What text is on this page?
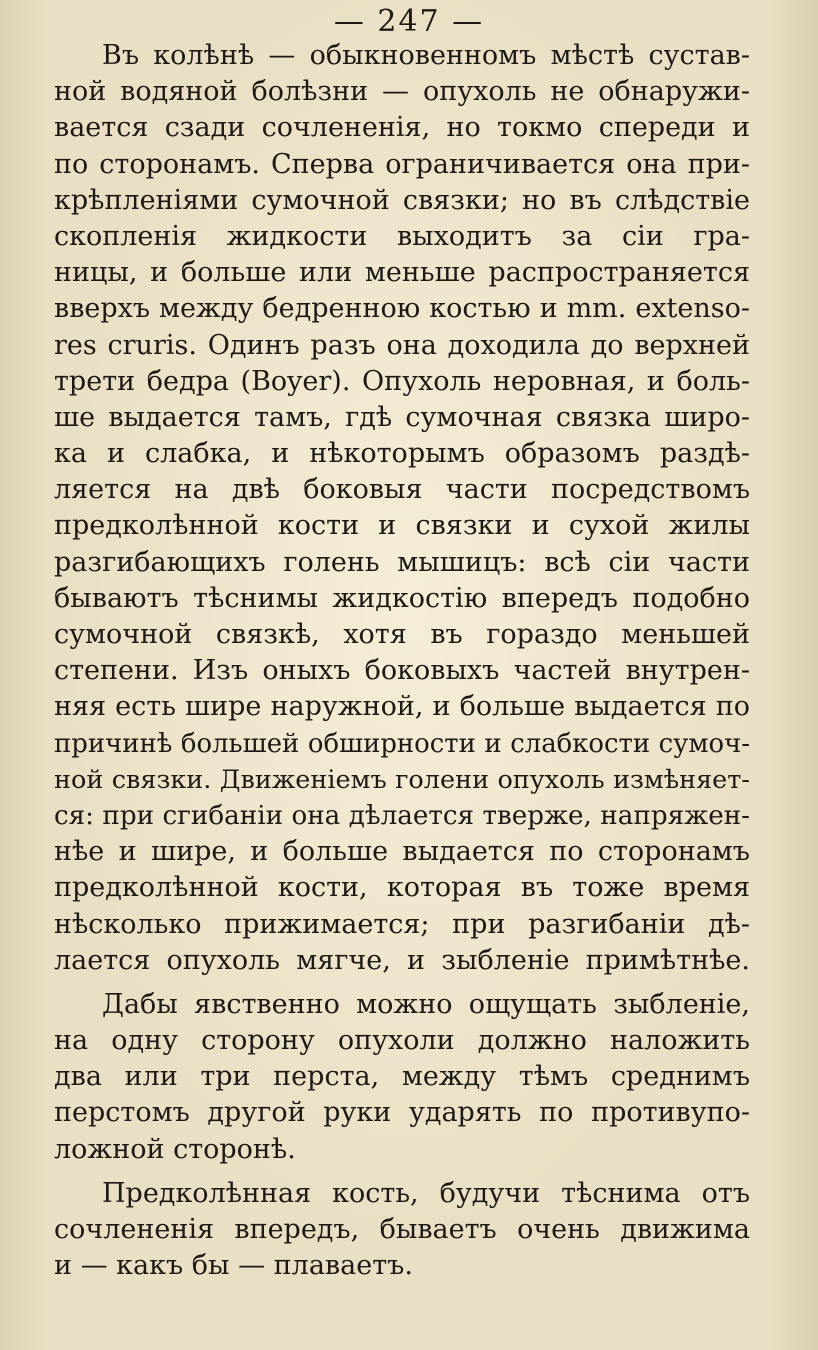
— 247 —
Въ колѣнѣ — обыкновенномъ мѣстѣ сустав-
ной водяной болѣзни — опухоль не обнаружи-
вается сзади сочлененія, но токмо спереди и
по сторонамъ. Сперва ограничивается она при-
крѣпленіями сумочной связки; но въ слѣдствіе
скопленія жидкости выходитъ за сіи гра-
ницы, и больше или меньше распространяется
вверхъ между бедренною костью и mm. extenso-
res cruris. Одинъ разъ она доходила до верхней
трети бедра (Boyer). Опухоль неровная, и боль-
ше выдается тамъ, гдѣ сумочная связка широ-
ка и слабка, и нѣкоторымъ образомъ раздѣ-
ляется на двѣ боковыя части посредствомъ
предколѣнной кости и связки и сухой жилы
разгибающихъ голень мышицъ: всѣ сіи части
бываютъ тѣснимы жидкостію впередъ подобно
сумочной связкѣ, хотя въ гораздо меньшей
степени. Изъ оныхъ боковыхъ частей внутрен-
няя есть шире наружной, и больше выдается по
причинѣ большей обширности и слабкости сумоч-
ной связки. Движеніемъ голени опухоль измѣняет-
ся: при сгибаніи она дѣлается тверже, напряжен-
нѣе и шире, и больше выдается по сторонамъ
предколѣнной кости, которая въ тоже время
нѣсколько прижимается; при разгибаніи дѣ-
лается опухоль мягче, и зыбленіе примѣтнѣе.
Дабы явственно можно ощущать зыбленіе,
на одну сторону опухоли должно наложить
два или три перста, между тѣмъ среднимъ
перстомъ другой руки ударять по противупо-
ложной сторонѣ.
Предколѣнная кость, будучи тѣснима отъ
сочлененія впередъ, бываетъ очень движима
и — какъ бы — плаваетъ.
